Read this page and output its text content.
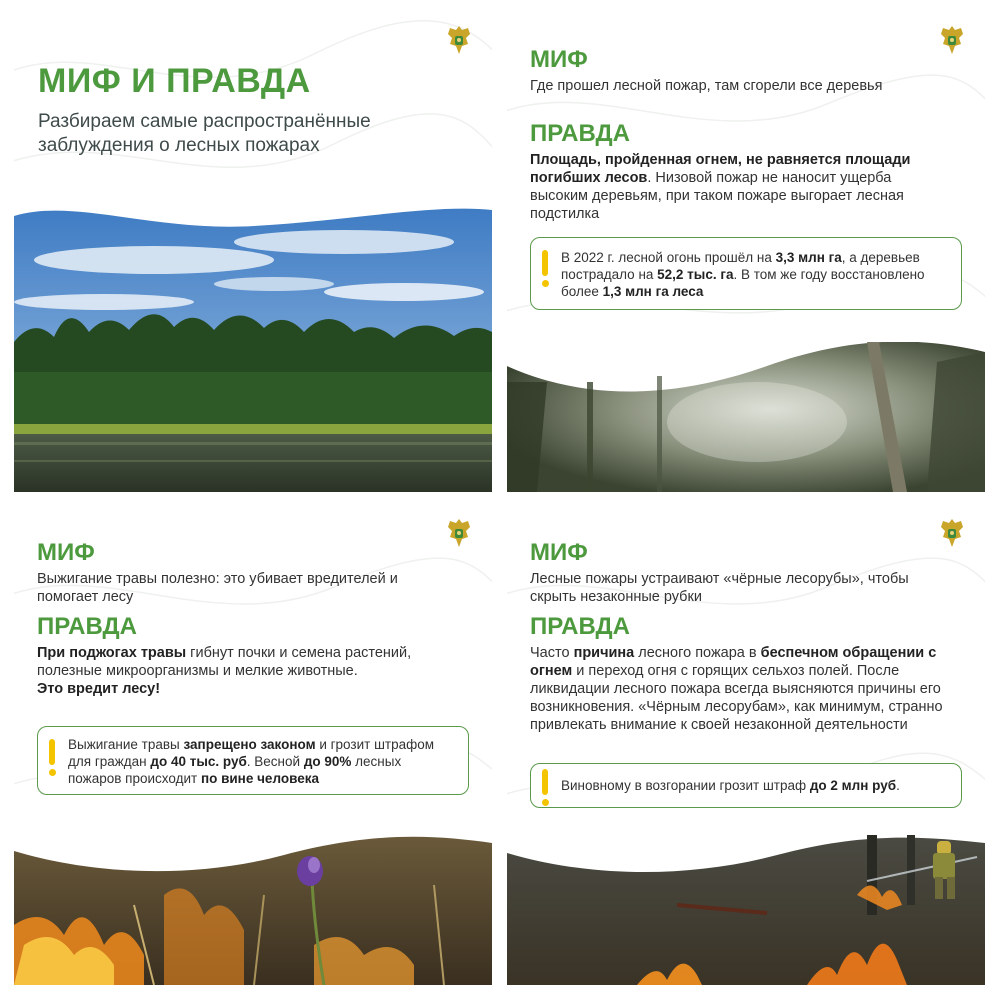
МИФ И ПРАВДА
Разбираем самые распространённые заблуждения о лесных пожарах
МИФ
Где прошел лесной пожар, там сгорели все деревья
ПРАВДА
Площадь, пройденная огнем, не равняется площади погибших лесов. Низовой пожар не наносит ущерба высоким деревьям, при таком пожаре выгорает лесная подстилка
В 2022 г. лесной огонь прошёл на 3,3 млн га, а деревьев пострадало на 52,2 тыс. га. В том же году восстановлено более 1,3 млн га леса
МИФ
Выжигание травы полезно: это убивает вредителей и помогает лесу
ПРАВДА
При поджогах травы гибнут почки и семена растений, полезные микроорганизмы и мелкие животные.
Это вредит лесу!
Выжигание травы запрещено законом и грозит штрафом для граждан до 40 тыс. руб. Весной до 90% лесных пожаров происходит по вине человека
МИФ
Лесные пожары устраивают «чёрные лесорубы», чтобы скрыть незаконные рубки
ПРАВДА
Часто причина лесного пожара в беспечном обращении с огнем и переход огня с горящих сельхоз полей. После ликвидации лесного пожара всегда выясняются причины его возникновения. «Чёрным лесорубам», как минимум, странно привлекать внимание к своей незаконной деятельности
Виновному в возгорании грозит штраф до 2 млн руб.
